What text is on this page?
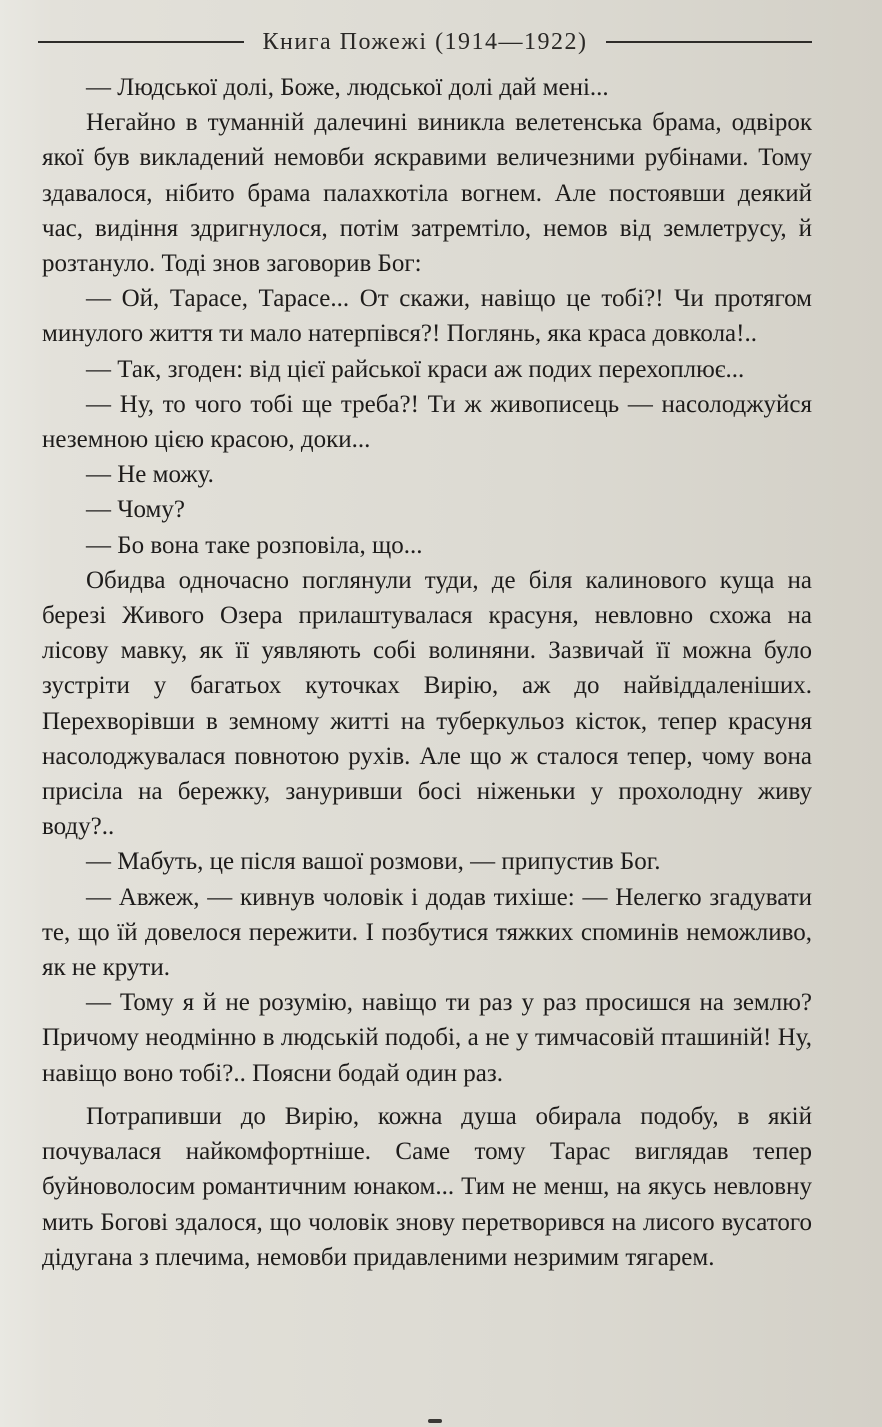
Книга Пожежі (1914—1922)

— Людської долі, Боже, людської долі дай мені...

Негайно в туманній далечині виникла велетенська брама, одвірок якої був викладений немовби яскравими величезними рубінами. Тому здавалося, нібито брама палахкотіла вогнем. Але постоявши деякий час, видіння здригнулося, потім затремтіло, немов від землетрусу, й розтануло. Тоді знов заговорив Бог:

— Ой, Тарасе, Тарасе... От скажи, навіщо це тобі?! Чи протягом минулого життя ти мало натерпівся?! Поглянь, яка краса довкола!..

— Так, згоден: від цієї райської краси аж подих перехоплює...

— Ну, то чого тобі ще треба?! Ти ж живописець — насолоджуйся неземною цією красою, доки...

— Не можу.

— Чому?

— Бо вона таке розповіла, що...

Обидва одночасно поглянули туди, де біля калинового куща на березі Живого Озера прилаштувалася красуня, невловно схожа на лісову мавку, як її уявляють собі волиняни. Зазвичай її можна було зустріти у багатьох куточках Вирію, аж до найвіддаленіших. Перехворівши в земному житті на туберкульоз кісток, тепер красуня насолоджувалася повнотою рухів. Але що ж сталося тепер, чому вона присіла на бережку, зануривши босі ніженьки у прохолодну живу воду?..

— Мабуть, це після вашої розмови, — припустив Бог.

— Авжеж, — кивнув чоловік і додав тихіше: — Нелегко згадувати те, що їй довелося пережити. І позбутися тяжких споминів неможливо, як не крути.

— Тому я й не розумію, навіщо ти раз у раз просишся на землю? Причому неодмінно в людській подобі, а не у тимчасовій пташиній! Ну, навіщо воно тобі?.. Поясни бодай один раз.

Потрапивши до Вирію, кожна душа обирала подобу, в якій почувалася найкомфортніше. Саме тому Тарас виглядав тепер буйноволосим романтичним юнаком... Тим не менш, на якусь невловну мить Богові здалося, що чоловік знову перетворився на лисого вусатого дідугана з плечима, немовби придавленими незримим тягарем.
